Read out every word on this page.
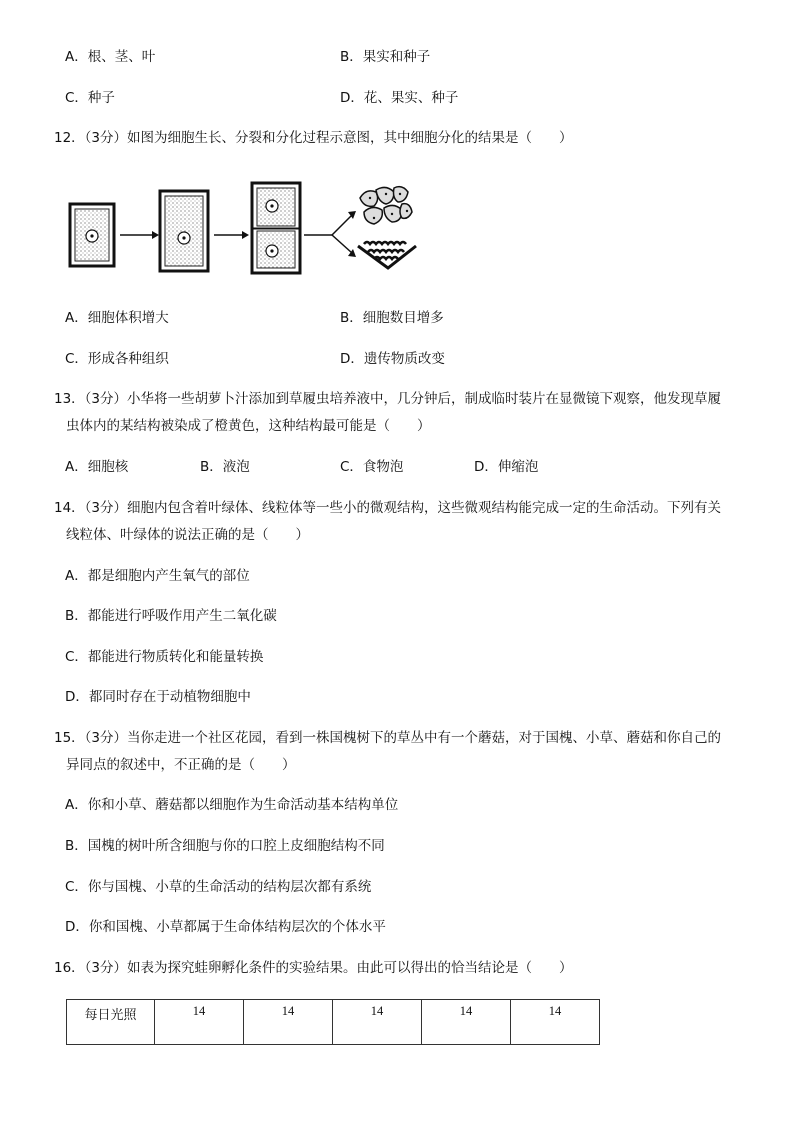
A．根、茎、叶	B．果实和种子
C．种子	D．花、果实、种子
12．（3分）如图为细胞生长、分裂和分化过程示意图，其中细胞分化的结果是（　　）
A．细胞体积增大	B．细胞数目增多
C．形成各种组织	D．遗传物质改变
13．（3分）小华将一些胡萝卜汁添加到草履虫培养液中，几分钟后，制成临时装片在显微镜下观察，他发现草履
虫体内的某结构被染成了橙黄色，这种结构最可能是（　　）
A．细胞核	B．液泡	C．食物泡	D．伸缩泡
14．（3分）细胞内包含着叶绿体、线粒体等一些小的微观结构，这些微观结构能完成一定的生命活动。下列有关
线粒体、叶绿体的说法正确的是（　　）
A．都是细胞内产生氧气的部位
B．都能进行呼吸作用产生二氧化碳
C．都能进行物质转化和能量转换
D．都同时存在于动植物细胞中
15．（3分）当你走进一个社区花园，看到一株国槐树下的草丛中有一个蘑菇，对于国槐、小草、蘑菇和你自己的
异同点的叙述中，不正确的是（　　）
A．你和小草、蘑菇都以细胞作为生命活动基本结构单位
B．国槐的树叶所含细胞与你的口腔上皮细胞结构不同
C．你与国槐、小草的生命活动的结构层次都有系统
D．你和国槐、小草都属于生命体结构层次的个体水平
16．（3分）如表为探究蛙卵孵化条件的实验结果。由此可以得出的恰当结论是（　　）
每日光照	14	14	14	14	14
